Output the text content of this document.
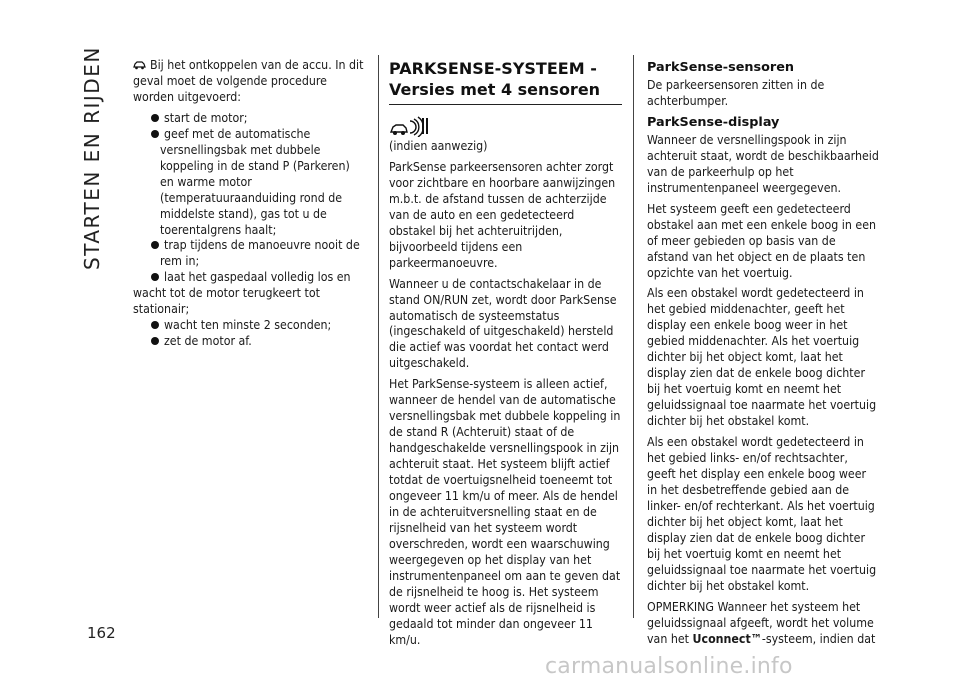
STARTEN EN RIJDEN
162

Bij het ontkoppelen van de accu. In dit geval moet de volgende procedure worden uitgevoerd:

start de motor;
geef met de automatische versnellingsbak met dubbele koppeling in de stand P (Parkeren) en warme motor (temperatuuraanduiding rond de middelste stand), gas tot u de toerentalgrens haalt;
trap tijdens de manoeuvre nooit de rem in;
laat het gaspedaal volledig los en wacht tot de motor terugkeert tot stationair;
wacht ten minste 2 seconden;
zet de motor af.
PARKSENSE-SYSTEEM - Versies met 4 sensoren

(indien aanwezig)

ParkSense parkeersensoren achter zorgt voor zichtbare en hoorbare aanwijzingen m.b.t. de afstand tussen de achterzijde van de auto en een gedetecteerd obstakel bij het achteruitrijden, bijvoorbeeld tijdens een parkeermanoeuvre.

Wanneer u de contactschakelaar in de stand ON/RUN zet, wordt door ParkSense automatisch de systeemstatus (ingeschakeld of uitgeschakeld) hersteld die actief was voordat het contact werd uitgeschakeld.

Het ParkSense-systeem is alleen actief, wanneer de hendel van de automatische versnellingsbak met dubbele koppeling in de stand R (Achteruit) staat of de handgeschakelde versnellingspook in zijn achteruit staat. Het systeem blijft actief totdat de voertuigsnelheid toeneemt tot ongeveer 11 km/u of meer. Als de hendel in de achteruitversnelling staat en de rijsnelheid van het systeem wordt overschreden, wordt een waarschuwing weergegeven op het display van het instrumentenpaneel om aan te geven dat de rijsnelheid te hoog is. Het systeem wordt weer actief als de rijsnelheid is gedaald tot minder dan ongeveer 11 km/u.

ParkSense-sensoren

De parkeersensoren zitten in de achterbumper.

ParkSense-display

Wanneer de versnellingspook in zijn achteruit staat, wordt de beschikbaarheid van de parkeerhulp op het instrumentenpaneel weergegeven.

Het systeem geeft een gedetecteerd obstakel aan met een enkele boog in een of meer gebieden op basis van de afstand van het object en de plaats ten opzichte van het voertuig.

Als een obstakel wordt gedetecteerd in het gebied middenachter, geeft het display een enkele boog weer in het gebied middenachter. Als het voertuig dichter bij het object komt, laat het display zien dat de enkele boog dichter bij het voertuig komt en neemt het geluidssignaal toe naarmate het voertuig dichter bij het obstakel komt.

Als een obstakel wordt gedetecteerd in het gebied links- en/of rechtsachter, geeft het display een enkele boog weer in het desbetreffende gebied aan de linker- en/of rechterkant. Als het voertuig dichter bij het object komt, laat het display zien dat de enkele boog dichter bij het voertuig komt en neemt het geluidssignaal toe naarmate het voertuig dichter bij het obstakel komt.

OPMERKING Wanneer het systeem het geluidssignaal afgeeft, wordt het volume van het Uconnect™-systeem, indien dat

carmanualsonline.info
